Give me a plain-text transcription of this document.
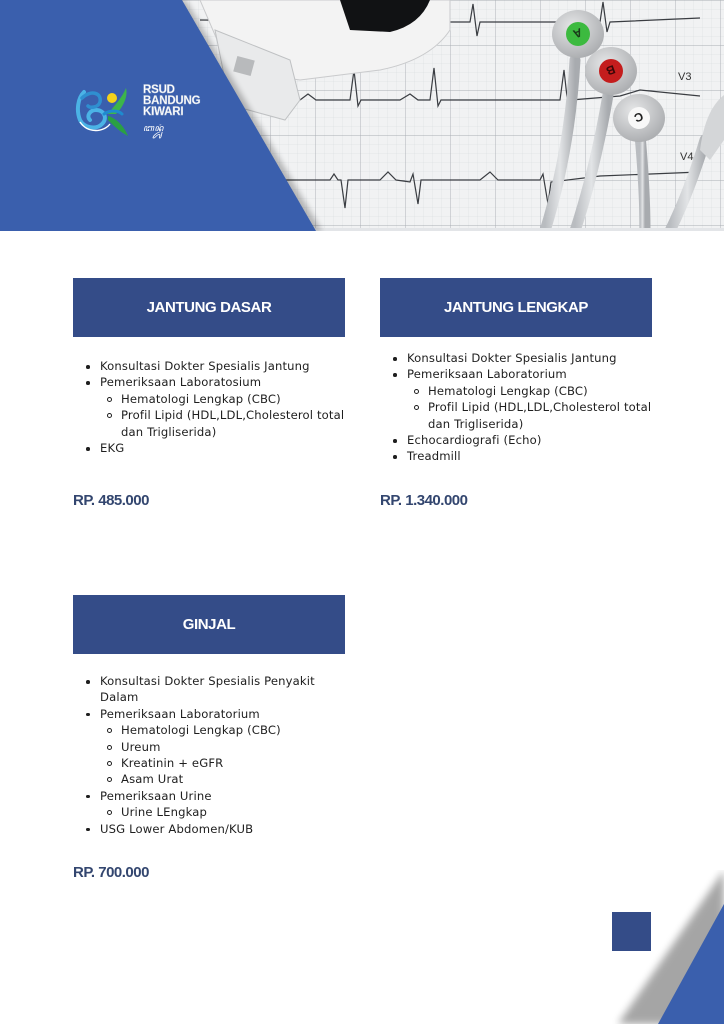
A
B
C
V3
V4
RSUD
BANDUNG
KIWARI
ꦧꦤ꧀ꦢꦸꦁ
JANTUNG DASAR
Konsultasi Dokter Spesialis Jantung
Pemeriksaan Laboratosium
Hematologi Lengkap (CBC)
Profil Lipid (HDL,LDL,Cholesterol total dan Trigliserida)
EKG
RP. 485.000
JANTUNG LENGKAP
Konsultasi Dokter Spesialis Jantung
Pemeriksaan Laboratorium
Hematologi Lengkap (CBC)
Profil Lipid (HDL,LDL,Cholesterol total dan Trigliserida)
Echocardiografi (Echo)
Treadmill
RP. 1.340.000
GINJAL
Konsultasi Dokter Spesialis Penyakit Dalam
Pemeriksaan Laboratorium
Hematologi Lengkap (CBC)
Ureum
Kreatinin + eGFR
Asam Urat
Pemeriksaan Urine
Urine LEngkap
USG Lower Abdomen/KUB
RP. 700.000
